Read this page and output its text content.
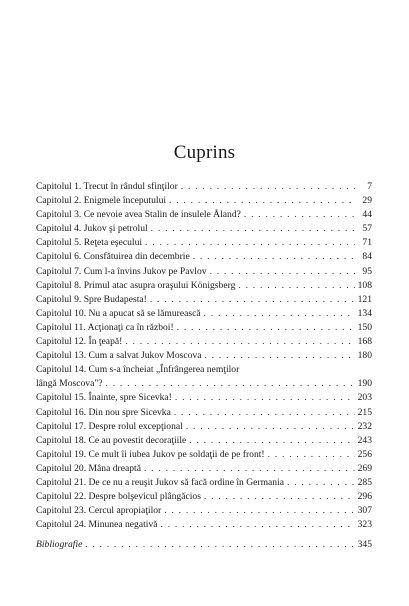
Cuprins
Capitolul 1. Trecut în rândul sfinţilor . . .	7
Capitolul 2. Enigmele începutului . . .	29
Capitolul 3. Ce nevoie avea Stalin de insulele Åland? . . .	44
Capitolul 4. Jukov şi petrolul . . .	57
Capitolul 5. Reţeta eşecului . . .	71
Capitolul 6. Consfătuirea din decembrie . . .	84
Capitolul 7. Cum l-a învins Jukov pe Pavlov . . .	95
Capitolul 8. Primul atac asupra oraşului Königsberg . . .	108
Capitolul 9. Spre Budapesta! . . .	121
Capitolul 10. Nu a apucat să se lămurească . . .	134
Capitolul 11. Acţionaţi ca în război! . . .	150
Capitolul 12. În ţeapă! . . .	168
Capitolul 13. Cum a salvat Jukov Moscova . . .	180
Capitolul 14. Cum s-a încheiat „Înfrângerea nemţilor
lângă Moscova"? . . .	190
Capitolul 15. Înainte, spre Sicevka! . . .	203
Capitolul 16. Din nou spre Sicevka . . .	215
Capitolul 17. Despre rolul excepţional . . .	232
Capitolul 18. Ce au povestit decoraţiile . . .	243
Capitolul 19. Ce mult îi iubea Jukov pe soldaţii de pe front! . . .	256
Capitolul 20. Mâna dreaptă . . .	269
Capitolul 21. De ce nu a reuşit Jukov să facă ordine în Germania . . .	285
Capitolul 22. Despre bolşevicul plângăcios . . .	296
Capitolul 23. Cercul apropiaţilor . . .	307
Capitolul 24. Minunea negativă . . .	323
Bibliografie . . .	345
